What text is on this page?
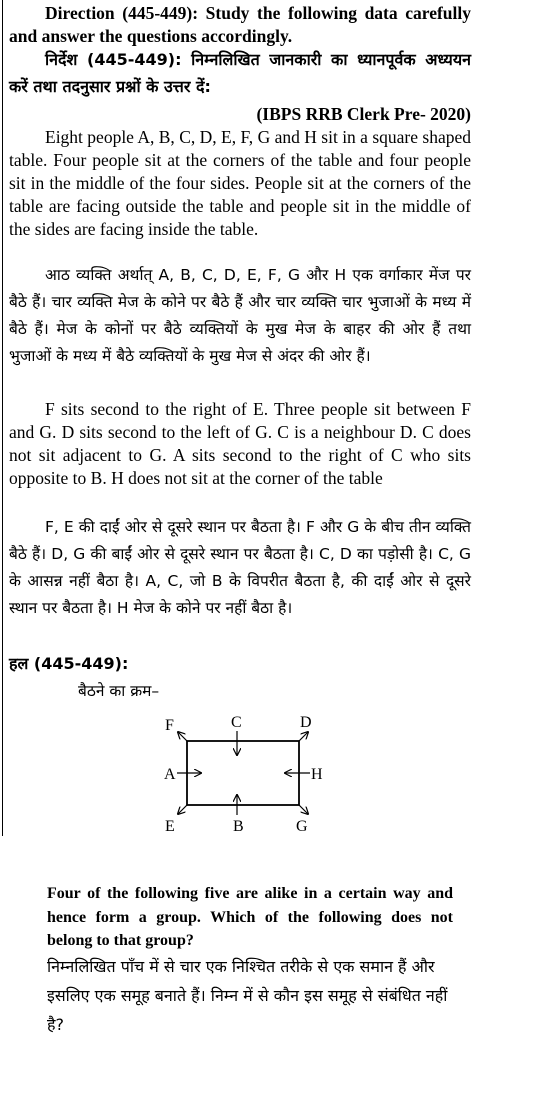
Direction (445-449): Study the following data carefully and answer the questions accordingly.

निर्देश (445-449): निम्नलिखित जानकारी का ध्यानपूर्वक अध्ययन करें तथा तदनुसार प्रश्नों के उत्तर दें:

(IBPS RRB Clerk Pre- 2020)

Eight people A, B, C, D, E, F, G and H sit in a square shaped table. Four people sit at the corners of the table and four people sit in the middle of the four sides. People sit at the corners of the table are facing outside the table and people sit in the middle of the sides are facing inside the table.

आठ व्यक्ति अर्थात् A, B, C, D, E, F, G और H एक वर्गाकार मेंज पर बैठे हैं। चार व्यक्ति मेज के कोने पर बैठे हैं और चार व्यक्ति चार भुजाओं के मध्य में बैठे हैं। मेज के कोनों पर बैठे व्यक्तियों के मुख मेज के बाहर की ओर हैं तथा भुजाओं के मध्य में बैठे व्यक्तियों के मुख मेज से अंदर की ओर हैं।

F sits second to the right of E. Three people sit between F and G. D sits second to the left of G. C is a neighbour D. C does not sit adjacent to G. A sits second to the right of C who sits opposite to B. H does not sit at the corner of the table

F, E की दाईं ओर से दूसरे स्थान पर बैठता है। F और G के बीच तीन व्यक्ति बैठे हैं। D, G की बाईं ओर से दूसरे स्थान पर बैठता है। C, D का पड़ोसी है। C, G के आसन्न नहीं बैठा है। A, C, जो B के विपरीत बैठता है, की दाईं ओर से दूसरे स्थान पर बैठता है। H मेज के कोने पर नहीं बैठा है।

हल (445-449):

बैठने का क्रम–

F	C	D
A	H
E	B	G

Four of the following five are alike in a certain way and hence form a group. Which of the following does not belong to that group?

निम्नलिखित पाँच में से चार एक निश्चित तरीके से एक समान हैं और इसलिए एक समूह बनाते हैं। निम्न में से कौन इस समूह से संबंधित नहीं है?
